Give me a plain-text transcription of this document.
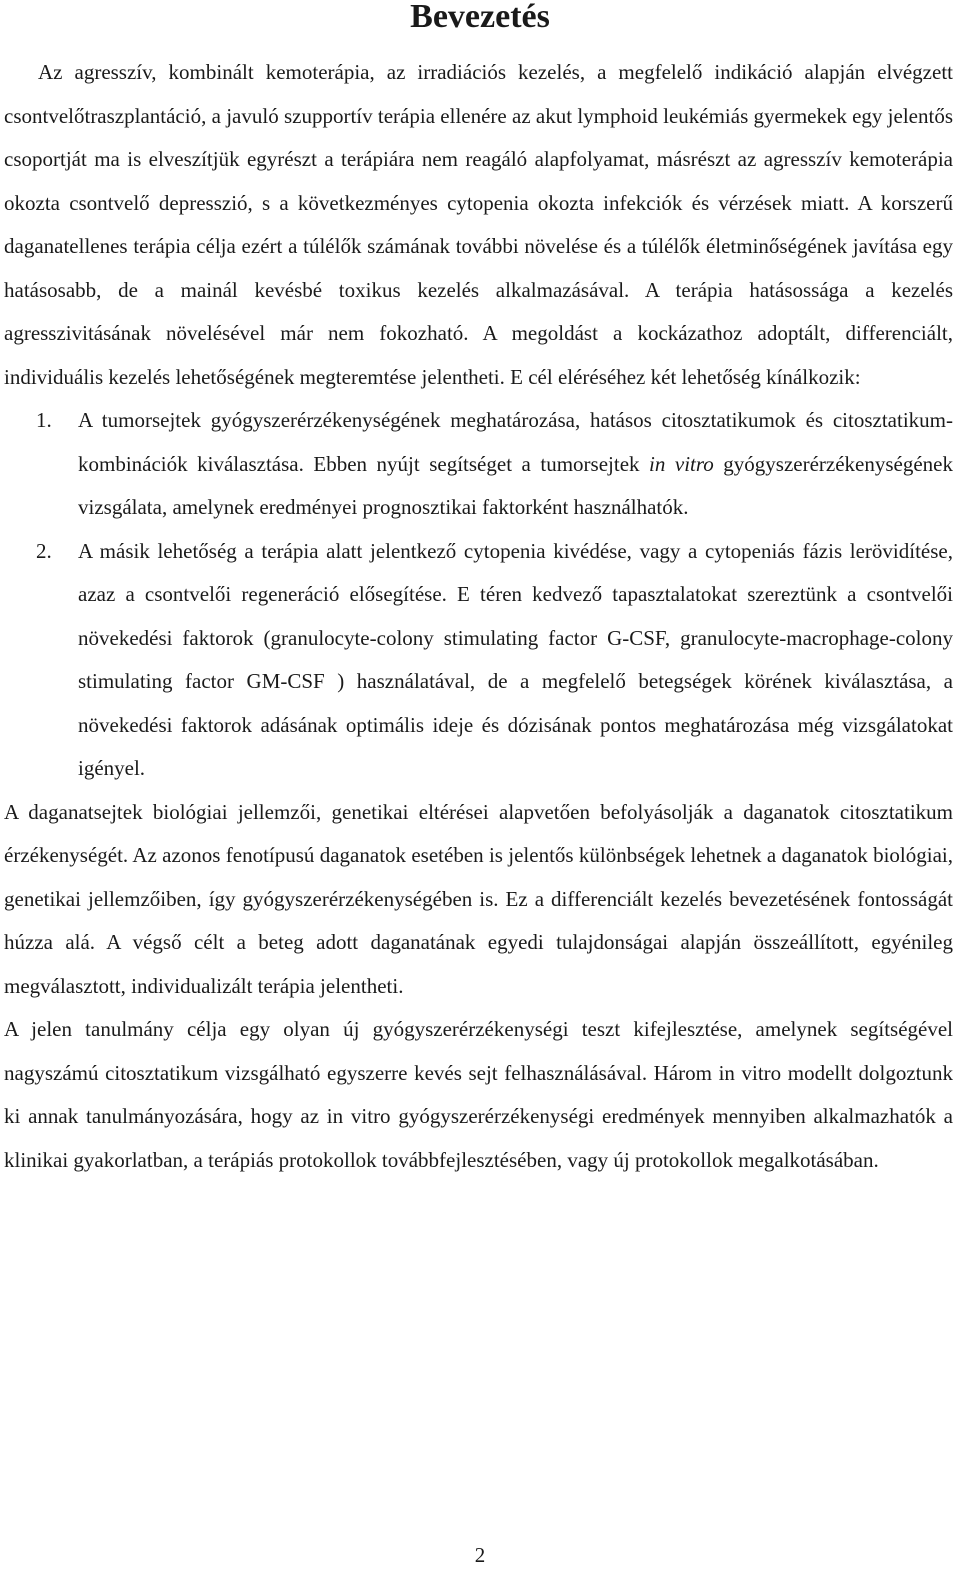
Bevezetés

Az agresszív, kombinált kemoterápia, az irradiációs kezelés, a megfelelő indikáció alapján elvégzett csontvelőtraszplantáció, a javuló szupportív terápia ellenére az akut lymphoid leukémiás gyermekek egy jelentős csoportját ma is elveszítjük egyrészt a terápiára nem reagáló alapfolyamat, másrészt az agresszív kemoterápia okozta csontvelő depresszió, s a következményes cytopenia okozta infekciók és vérzések miatt. A korszerű daganatellenes terápia célja ezért a túlélők számának további növelése és a túlélők életminőségének javítása egy hatásosabb, de a mainál kevésbé toxikus kezelés alkalmazásával. A terápia hatásossága a kezelés agresszivitásának növelésével már nem fokozható. A megoldást a kockázathoz adoptált, differenciált, individuális kezelés lehetőségének megteremtése jelentheti. E cél eléréséhez két lehetőség kínálkozik:

1.	A tumorsejtek gyógyszerérzékenységének meghatározása, hatásos citosztatikumok és citosztatikum-kombinációk kiválasztása. Ebben nyújt segítséget a tumorsejtek in vitro gyógyszerérzékenységének vizsgálata, amelynek eredményei prognosztikai faktorként használhatók.
2.	A másik lehetőség a terápia alatt jelentkező cytopenia kivédése, vagy a cytopeniás fázis lerövidítése, azaz a csontvelői regeneráció elősegítése. E téren kedvező tapasztalatokat szereztünk a csontvelői növekedési faktorok (granulocyte-colony stimulating factor G-CSF, granulocyte-macrophage-colony stimulating factor GM-CSF ) használatával, de a megfelelő betegségek körének kiválasztása, a növekedési faktorok adásának optimális ideje és dózisának pontos meghatározása még vizsgálatokat igényel.

A daganatsejtek biológiai jellemzői, genetikai eltérései alapvetően befolyásolják a daganatok citosztatikum érzékenységét. Az azonos fenotípusú daganatok esetében is jelentős különbségek lehetnek a daganatok biológiai, genetikai jellemzőiben, így gyógyszerérzékenységében is. Ez a differenciált kezelés bevezetésének fontosságát húzza alá. A végső célt a beteg adott daganatának egyedi tulajdonságai alapján összeállított, egyénileg megválasztott, individualizált terápia jelentheti.

A jelen tanulmány célja egy olyan új gyógyszerérzékenységi teszt kifejlesztése, amelynek segítségével nagyszámú citosztatikum vizsgálható egyszerre kevés sejt felhasználásával. Három in vitro modellt dolgoztunk ki annak tanulmányozására, hogy az in vitro gyógyszerérzékenységi eredmények mennyiben alkalmazhatók a klinikai gyakorlatban, a terápiás protokollok továbbfejlesztésében, vagy új protokollok megalkotásában.

2
